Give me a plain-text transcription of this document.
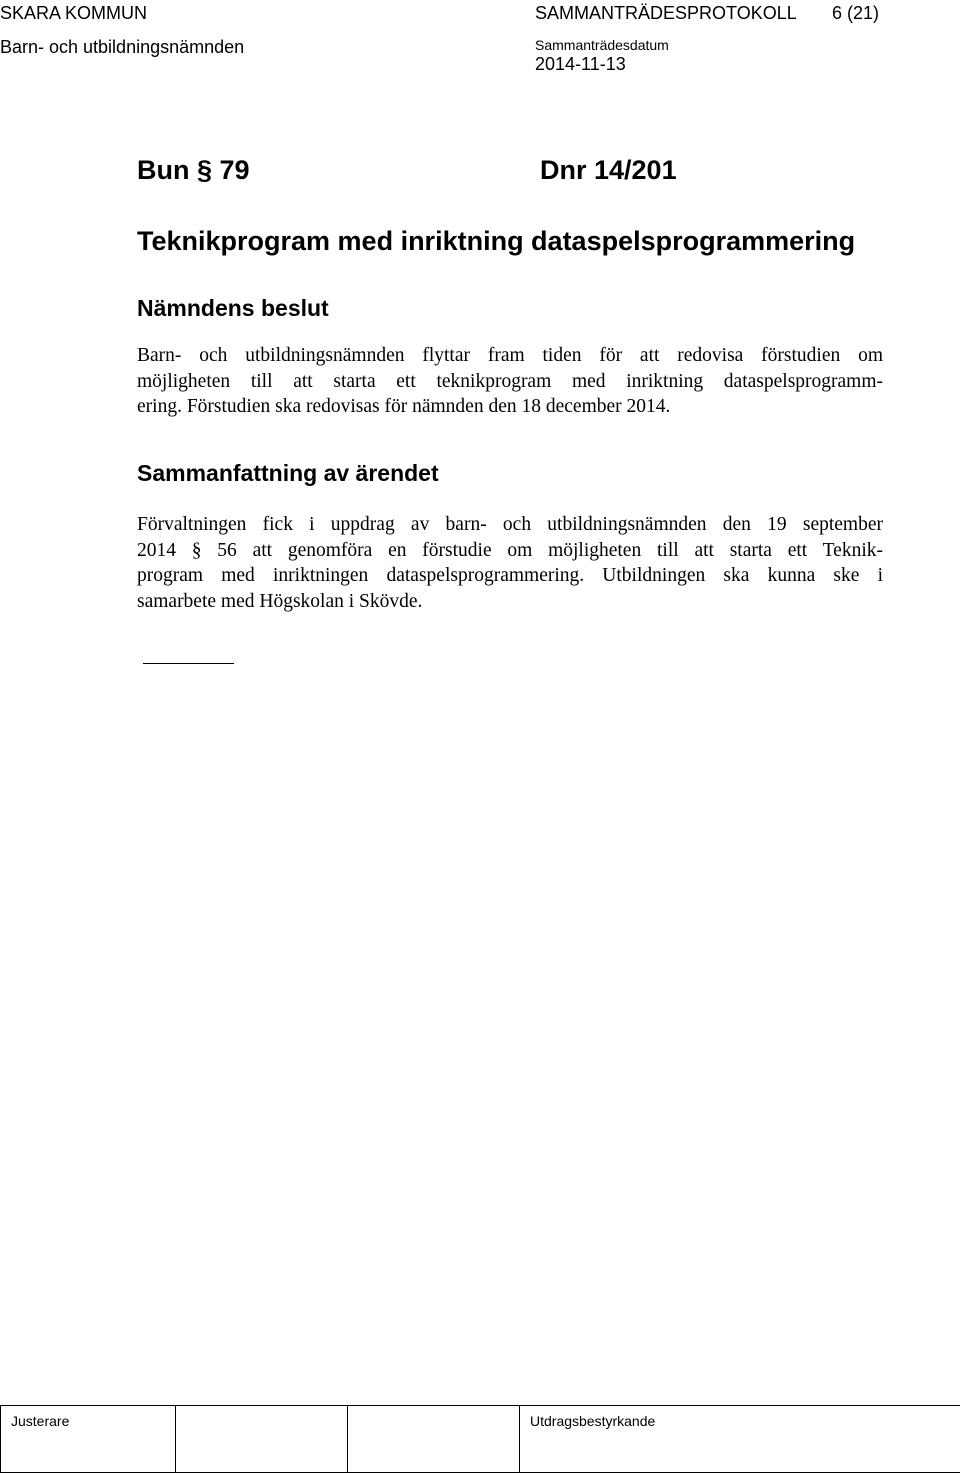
SKARA KOMMUN	SAMMANTRÄDESPROTOKOLL 6 (21)
Barn- och utbildningsnämnden	Sammanträdesdatum
2014-11-13
Bun § 79	Dnr 14/201
Teknikprogram med inriktning dataspelsprogrammering
Nämndens beslut
Barn- och utbildningsnämnden flyttar fram tiden för att redovisa förstudien om
möjligheten till att starta ett teknikprogram med inriktning dataspelsprogramm-
ering. Förstudien ska redovisas för nämnden den 18 december 2014.
Sammanfattning av ärendet
Förvaltningen fick i uppdrag av barn- och utbildningsnämnden den 19 september
2014 § 56 att genomföra en förstudie om möjligheten till att starta ett Teknik-
program med inriktningen dataspelsprogrammering. Utbildningen ska kunna ske i
samarbete med Högskolan i Skövde.
Justerare			Utdragsbestyrkande
